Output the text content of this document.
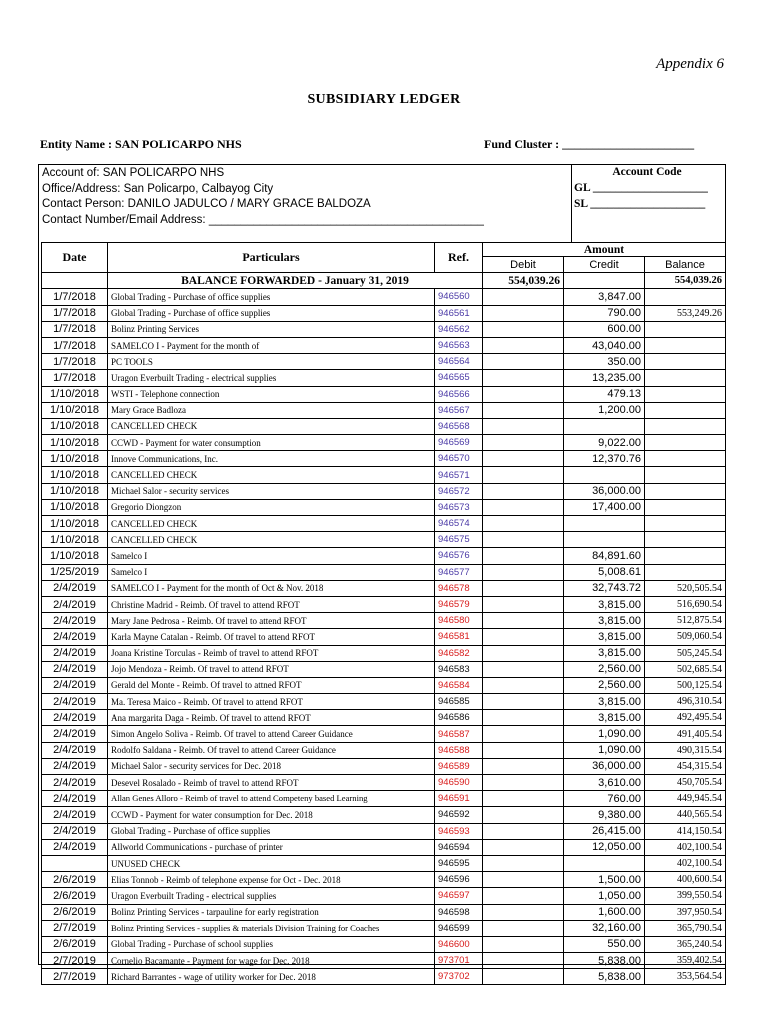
Appendix 6
SUBSIDIARY LEDGER
Entity Name : SAN POLICARPO NHS	Fund Cluster : ______________________
Account of: SAN POLICARPO NHS
Office/Address: San Policarpo, Calbayog City
Contact Person: DANILO JADULCO / MARY GRACE BALDOZA
Contact Number/Email Address: ___________________________________________
Account Code
GL ____________________
SL ____________________
Date	Particulars	Ref.	Amount		
			Debit	Credit	Balance
	BALANCE FORWARDED - January 31, 2019		554,039.26		554,039.26
1/7/2018	Global Trading - Purchase of office supplies	946560		3,847.00	
1/7/2018	Global Trading - Purchase of office supplies	946561		790.00	553,249.26
1/7/2018	Bolinz Printing Services	946562		600.00	
1/7/2018	SAMELCO I - Payment for the month of	946563		43,040.00	
1/7/2018	PC TOOLS	946564		350.00	
1/7/2018	Uragon Everbuilt Trading - electrical supplies	946565		13,235.00	
1/10/2018	WSTI - Telephone connection	946566		479.13	
1/10/2018	Mary Grace Badloza	946567		1,200.00	
1/10/2018	CANCELLED CHECK	946568			
1/10/2018	CCWD - Payment for water consumption	946569		9,022.00	
1/10/2018	Innove Communications, Inc.	946570		12,370.76	
1/10/2018	CANCELLED CHECK	946571			
1/10/2018	Michael Salor - security services	946572		36,000.00	
1/10/2018	Gregorio Diongzon	946573		17,400.00	
1/10/2018	CANCELLED CHECK	946574			
1/10/2018	CANCELLED CHECK	946575			
1/10/2018	Samelco I	946576		84,891.60	
1/25/2019	Samelco I	946577		5,008.61	
2/4/2019	SAMELCO I - Payment for the month of Oct & Nov. 2018	946578		32,743.72	520,505.54
2/4/2019	Christine Madrid - Reimb. Of travel to attend RFOT	946579		3,815.00	516,690.54
2/4/2019	Mary Jane Pedrosa - Reimb. Of travel to attend RFOT	946580		3,815.00	512,875.54
2/4/2019	Karla Mayne Catalan - Reimb. Of travel to attend RFOT	946581		3,815.00	509,060.54
2/4/2019	Joana Kristine Torculas - Reimb of travel to attend RFOT	946582		3,815.00	505,245.54
2/4/2019	Jojo Mendoza - Reimb. Of travel to attend RFOT	946583		2,560.00	502,685.54
2/4/2019	Gerald del Monte - Reimb. Of travel to attned RFOT	946584		2,560.00	500,125.54
2/4/2019	Ma. Teresa Maico - Reimb. Of travel to attend RFOT	946585		3,815.00	496,310.54
2/4/2019	Ana margarita Daga - Reimb. Of travel to attend RFOT	946586		3,815.00	492,495.54
2/4/2019	Simon Angelo Soliva - Reimb. Of travel to attend Career Guidance	946587		1,090.00	491,405.54
2/4/2019	Rodolfo Saldana - Reimb. Of travel to attend Career Guidance	946588		1,090.00	490,315.54
2/4/2019	Michael Salor - security services for Dec. 2018	946589		36,000.00	454,315.54
2/4/2019	Desevel Rosalado - Reimb of travel to attend RFOT	946590		3,610.00	450,705.54
2/4/2019	Allan Genes Alloro - Reimb of travel to attend Competeny based Learning	946591		760.00	449,945.54
2/4/2019	CCWD - Payment for water consumption for Dec. 2018	946592		9,380.00	440,565.54
2/4/2019	Global Trading - Purchase of office supplies	946593		26,415.00	414,150.54
2/4/2019	Allworld Communications - purchase of printer	946594		12,050.00	402,100.54
	UNUSED CHECK	946595			402,100.54
2/6/2019	Elias Tonnob - Reimb of telephone expense for Oct - Dec. 2018	946596		1,500.00	400,600.54
2/6/2019	Uragon Everbuilt Trading - electrical supplies	946597		1,050.00	399,550.54
2/6/2019	Bolinz Printing Services - tarpauline for early registration	946598		1,600.00	397,950.54
2/7/2019	Bolinz Printing Services - supplies & materials Division Training for Coaches	946599		32,160.00	365,790.54
2/6/2019	Global Trading - Purchase of school supplies	946600		550.00	365,240.54
2/7/2019	Cornelio Bacamante - Payment for wage for Dec. 2018	973701		5,838.00	359,402.54
2/7/2019	Richard Barrantes - wage of utility worker for Dec. 2018	973702		5,838.00	353,564.54
